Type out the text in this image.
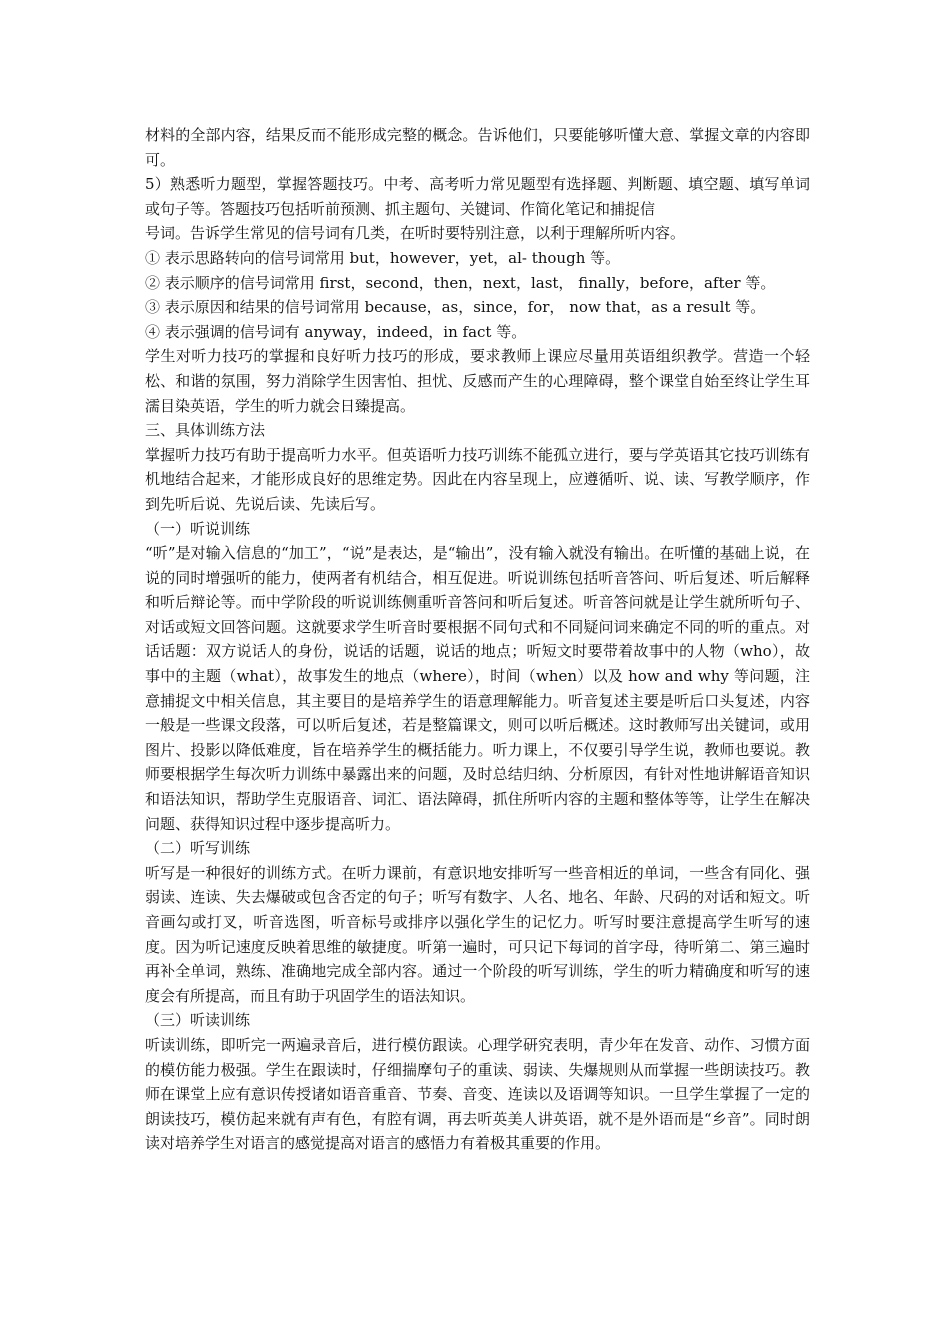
材料的全部内容，结果反而不能形成完整的概念。告诉他们，只要能够听懂大意、掌握文章的内容即可。

5）熟悉听力题型，掌握答题技巧。中考、高考听力常见题型有选择题、判断题、填空题、填写单词或句子等。答题技巧包括听前预测、抓主题句、关键词、作简化笔记和捕捉信

号词。告诉学生常见的信号词有几类，在听时要特别注意，以利于理解所听内容。

① 表示思路转向的信号词常用 but，however，yet，al- though 等。

② 表示顺序的信号词常用 first，second，then，next，last， finally，before，after 等。

③ 表示原因和结果的信号词常用 because，as，since，for， now that，as a result 等。

④ 表示强调的信号词有 anyway，indeed，in fact 等。

学生对听力技巧的掌握和良好听力技巧的形成，要求教师上课应尽量用英语组织教学。营造一个轻松、和谐的氛围，努力消除学生因害怕、担忧、反感而产生的心理障碍，整个课堂自始至终让学生耳濡目染英语，学生的听力就会日臻提高。

三、具体训练方法

掌握听力技巧有助于提高听力水平。但英语听力技巧训练不能孤立进行，要与学英语其它技巧训练有机地结合起来，才能形成良好的思维定势。因此在内容呈现上，应遵循听、说、读、写教学顺序，作到先听后说、先说后读、先读后写。

（一）听说训练

“听”是对输入信息的“加工”，“说”是表达，是“输出”，没有输入就没有输出。在听懂的基础上说，在说的同时增强听的能力，使两者有机结合，相互促进。听说训练包括听音答问、听后复述、听后解释和听后辩论等。而中学阶段的听说训练侧重听音答问和听后复述。听音答问就是让学生就所听句子、对话或短文回答问题。这就要求学生听音时要根据不同句式和不同疑问词来确定不同的听的重点。对话话题：双方说话人的身份，说话的话题，说话的地点；听短文时要带着故事中的人物（who），故事中的主题（what），故事发生的地点（where），时间（when）以及 how and why 等问题，注意捕捉文中相关信息，其主要目的是培养学生的语意理解能力。听音复述主要是听后口头复述，内容一般是一些课文段落，可以听后复述，若是整篇课文，则可以听后概述。这时教师写出关键词，或用图片、投影以降低难度，旨在培养学生的概括能力。听力课上，不仅要引导学生说，教师也要说。教师要根据学生每次听力训练中暴露出来的问题，及时总结归纳、分析原因，有针对性地讲解语音知识和语法知识，帮助学生克服语音、词汇、语法障碍，抓住所听内容的主题和整体等等，让学生在解决问题、获得知识过程中逐步提高听力。

（二）听写训练

听写是一种很好的训练方式。在听力课前，有意识地安排听写一些音相近的单词，一些含有同化、强弱读、连读、失去爆破或包含否定的句子；听写有数字、人名、地名、年龄、尺码的对话和短文。听音画勾或打叉，听音选图，听音标号或排序以强化学生的记忆力。听写时要注意提高学生听写的速度。因为听记速度反映着思维的敏捷度。听第一遍时，可只记下每词的首字母，待听第二、第三遍时再补全单词，熟练、准确地完成全部内容。通过一个阶段的听写训练，学生的听力精确度和听写的速度会有所提高，而且有助于巩固学生的语法知识。

（三）听读训练

听读训练，即听完一两遍录音后，进行模仿跟读。心理学研究表明，青少年在发音、动作、习惯方面的模仿能力极强。学生在跟读时，仔细揣摩句子的重读、弱读、失爆规则从而掌握一些朗读技巧。教师在课堂上应有意识传授诸如语音重音、节奏、音变、连读以及语调等知识。一旦学生掌握了一定的朗读技巧，模仿起来就有声有色，有腔有调，再去听英美人讲英语，就不是外语而是“乡音”。同时朗读对培养学生对语言的感觉提高对语言的感悟力有着极其重要的作用。
